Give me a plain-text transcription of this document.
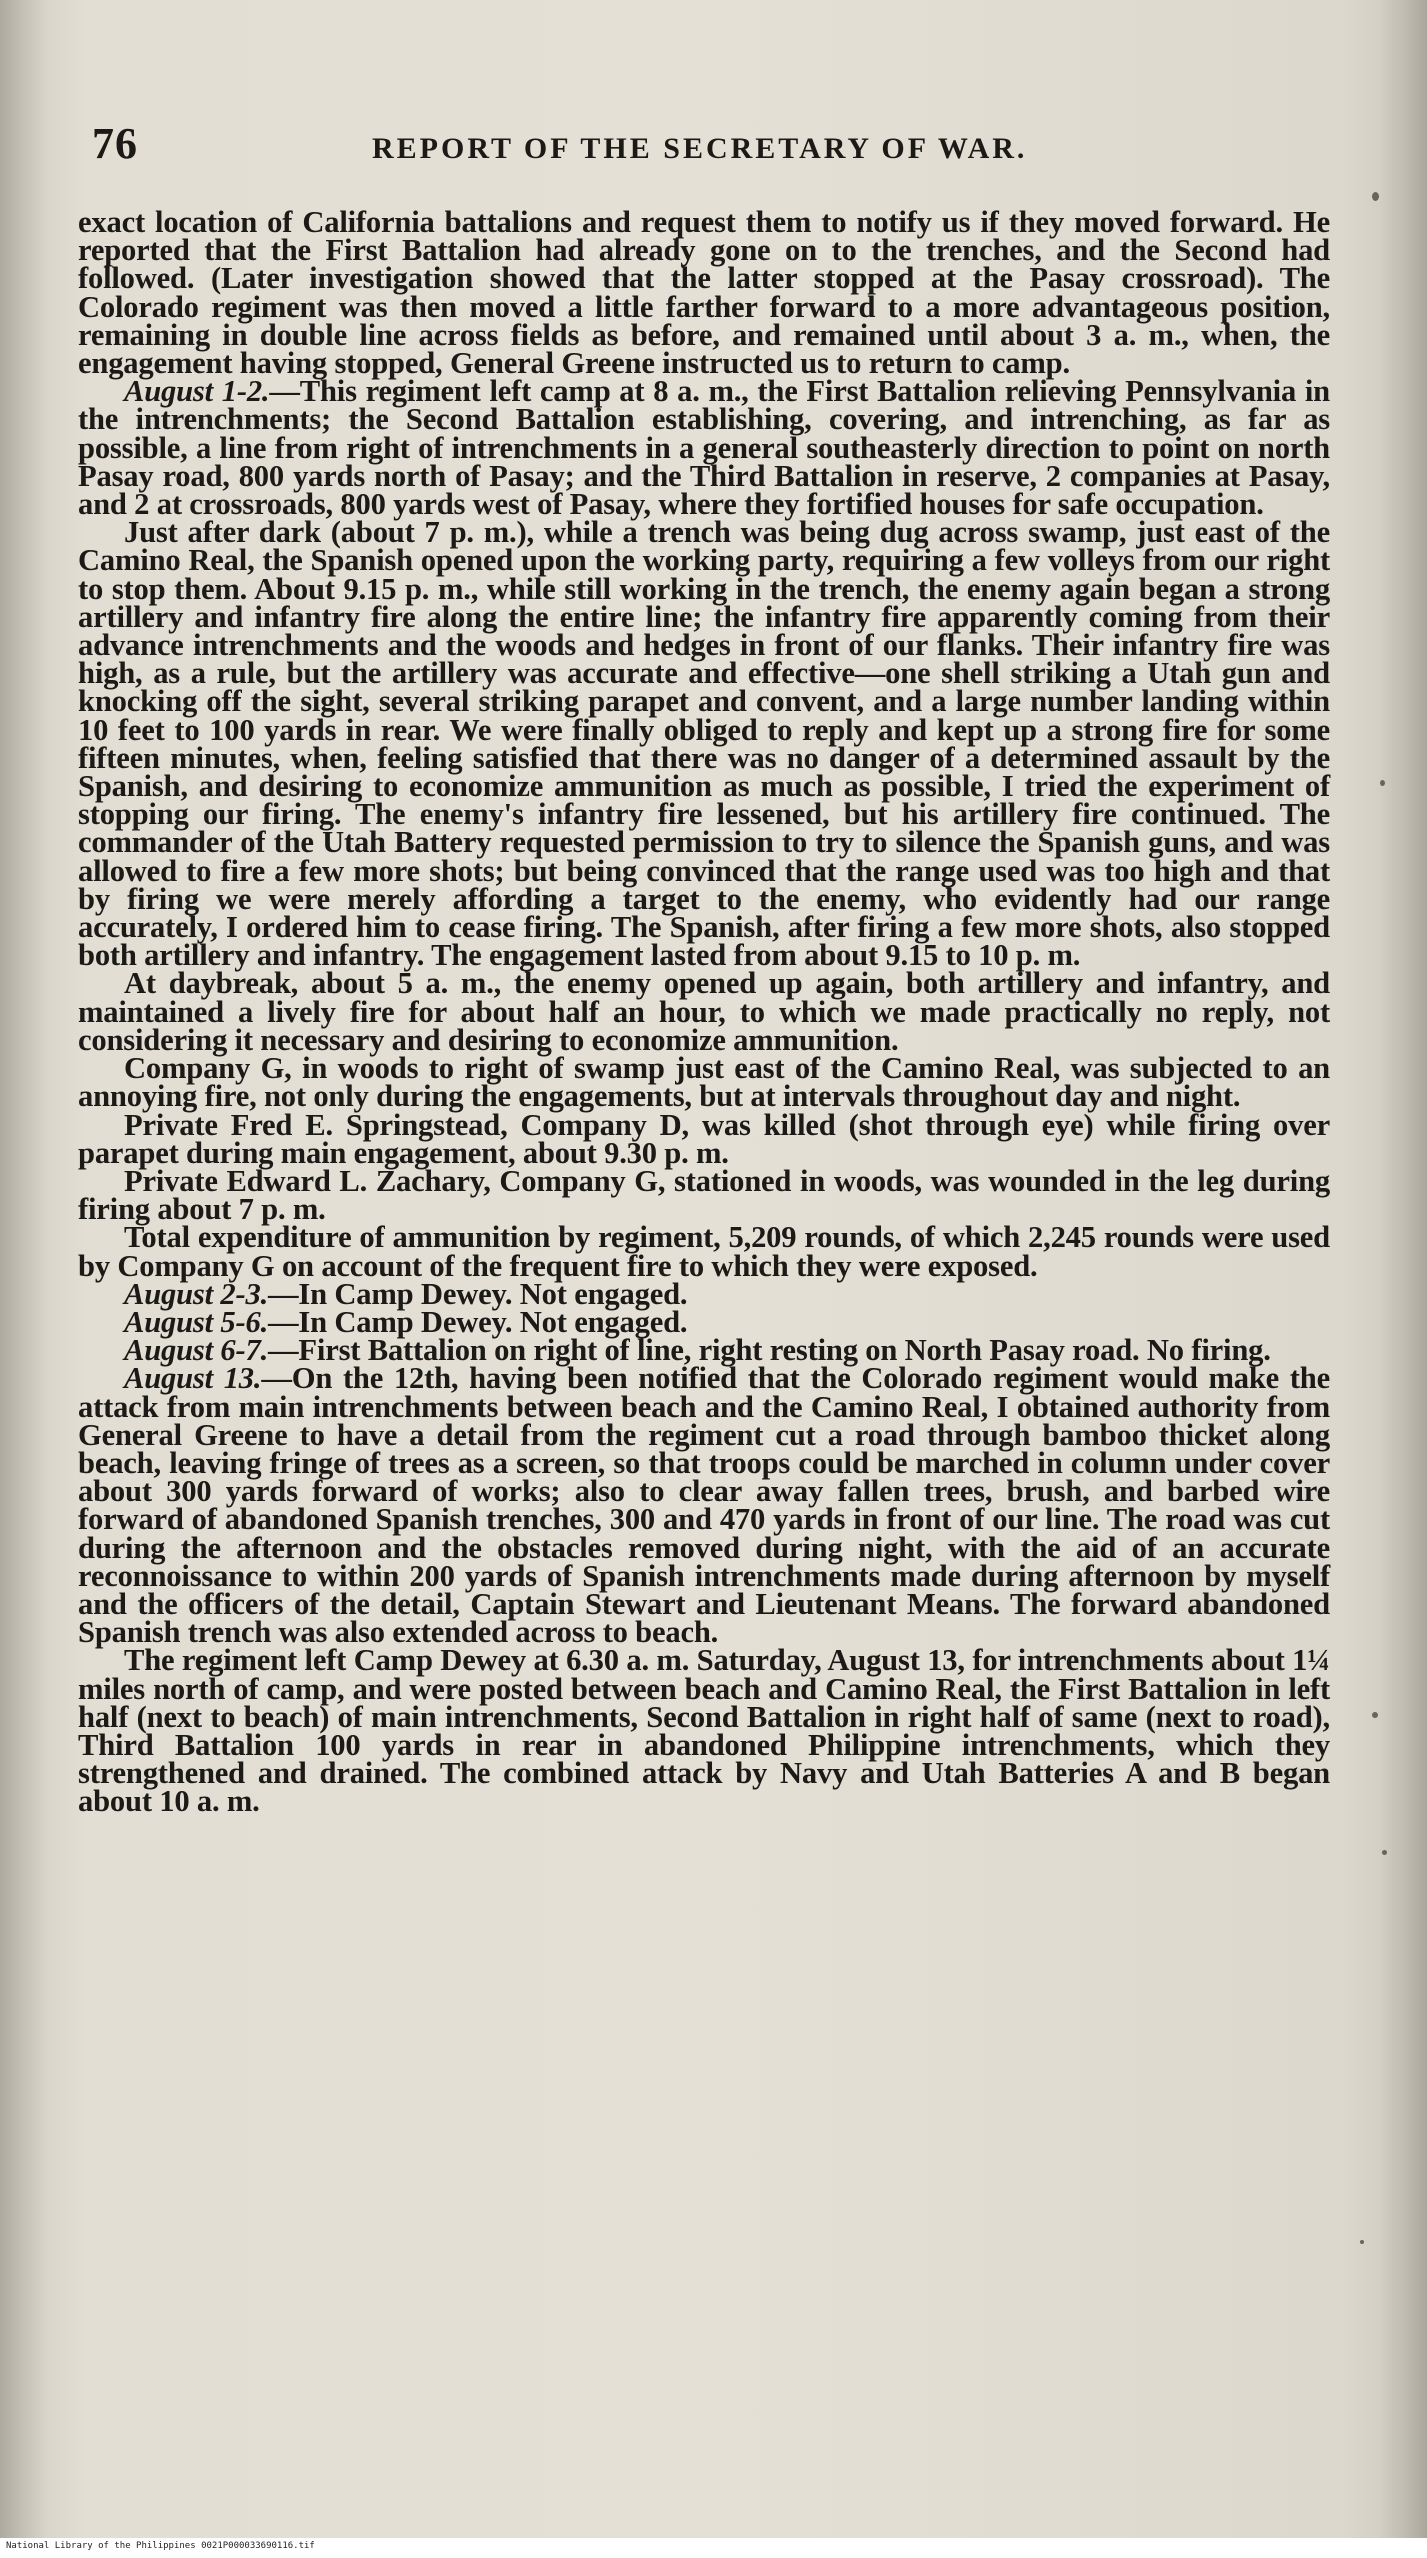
76	REPORT OF THE SECRETARY OF WAR.

exact location of California battalions and request them to notify us if they moved forward. He reported that the First Battalion had already gone on to the trenches, and the Second had followed. (Later investigation showed that the latter stopped at the Pasay crossroad). The Colorado regiment was then moved a little farther forward to a more advantageous position, remaining in double line across fields as before, and remained until about 3 a. m., when, the engagement having stopped, General Greene instructed us to return to camp.

August 1-2.—This regiment left camp at 8 a. m., the First Battalion relieving Pennsylvania in the intrenchments; the Second Battalion establishing, covering, and intrenching, as far as possible, a line from right of intrenchments in a general southeasterly direction to point on north Pasay road, 800 yards north of Pasay; and the Third Battalion in reserve, 2 companies at Pasay, and 2 at crossroads, 800 yards west of Pasay, where they fortified houses for safe occupation.

Just after dark (about 7 p. m.), while a trench was being dug across swamp, just east of the Camino Real, the Spanish opened upon the working party, requiring a few volleys from our right to stop them. About 9.15 p. m., while still working in the trench, the enemy again began a strong artillery and infantry fire along the entire line; the infantry fire apparently coming from their advance intrenchments and the woods and hedges in front of our flanks. Their infantry fire was high, as a rule, but the artillery was accurate and effective—one shell striking a Utah gun and knocking off the sight, several striking parapet and convent, and a large number landing within 10 feet to 100 yards in rear. We were finally obliged to reply and kept up a strong fire for some fifteen minutes, when, feeling satisfied that there was no danger of a determined assault by the Spanish, and desiring to economize ammunition as much as possible, I tried the experiment of stopping our firing. The enemy's infantry fire lessened, but his artillery fire continued. The commander of the Utah Battery requested permission to try to silence the Spanish guns, and was allowed to fire a few more shots; but being convinced that the range used was too high and that by firing we were merely affording a target to the enemy, who evidently had our range accurately, I ordered him to cease firing. The Spanish, after firing a few more shots, also stopped both artillery and infantry. The engagement lasted from about 9.15 to 10 p. m.

At daybreak, about 5 a. m., the enemy opened up again, both artillery and infantry, and maintained a lively fire for about half an hour, to which we made practically no reply, not considering it necessary and desiring to economize ammunition.

Company G, in woods to right of swamp just east of the Camino Real, was subjected to an annoying fire, not only during the engagements, but at intervals throughout day and night.

Private Fred E. Springstead, Company D, was killed (shot through eye) while firing over parapet during main engagement, about 9.30 p. m.

Private Edward L. Zachary, Company G, stationed in woods, was wounded in the leg during firing about 7 p. m.

Total expenditure of ammunition by regiment, 5,209 rounds, of which 2,245 rounds were used by Company G on account of the frequent fire to which they were exposed.

August 2-3.—In Camp Dewey. Not engaged.

August 5-6.—In Camp Dewey. Not engaged.

August 6-7.—First Battalion on right of line, right resting on North Pasay road. No firing.

August 13.—On the 12th, having been notified that the Colorado regiment would make the attack from main intrenchments between beach and the Camino Real, I obtained authority from General Greene to have a detail from the regiment cut a road through bamboo thicket along beach, leaving fringe of trees as a screen, so that troops could be marched in column under cover about 300 yards forward of works; also to clear away fallen trees, brush, and barbed wire forward of abandoned Spanish trenches, 300 and 470 yards in front of our line. The road was cut during the afternoon and the obstacles removed during night, with the aid of an accurate reconnoissance to within 200 yards of Spanish intrenchments made during afternoon by myself and the officers of the detail, Captain Stewart and Lieutenant Means. The forward abandoned Spanish trench was also extended across to beach.

The regiment left Camp Dewey at 6.30 a. m. Saturday, August 13, for intrenchments about 1¼ miles north of camp, and were posted between beach and Camino Real, the First Battalion in left half (next to beach) of main intrenchments, Second Battalion in right half of same (next to road), Third Battalion 100 yards in rear in abandoned Philippine intrenchments, which they strengthened and drained. The combined attack by Navy and Utah Batteries A and B began about 10 a. m.

National Library of the Philippines 0021P000033690116.tif
